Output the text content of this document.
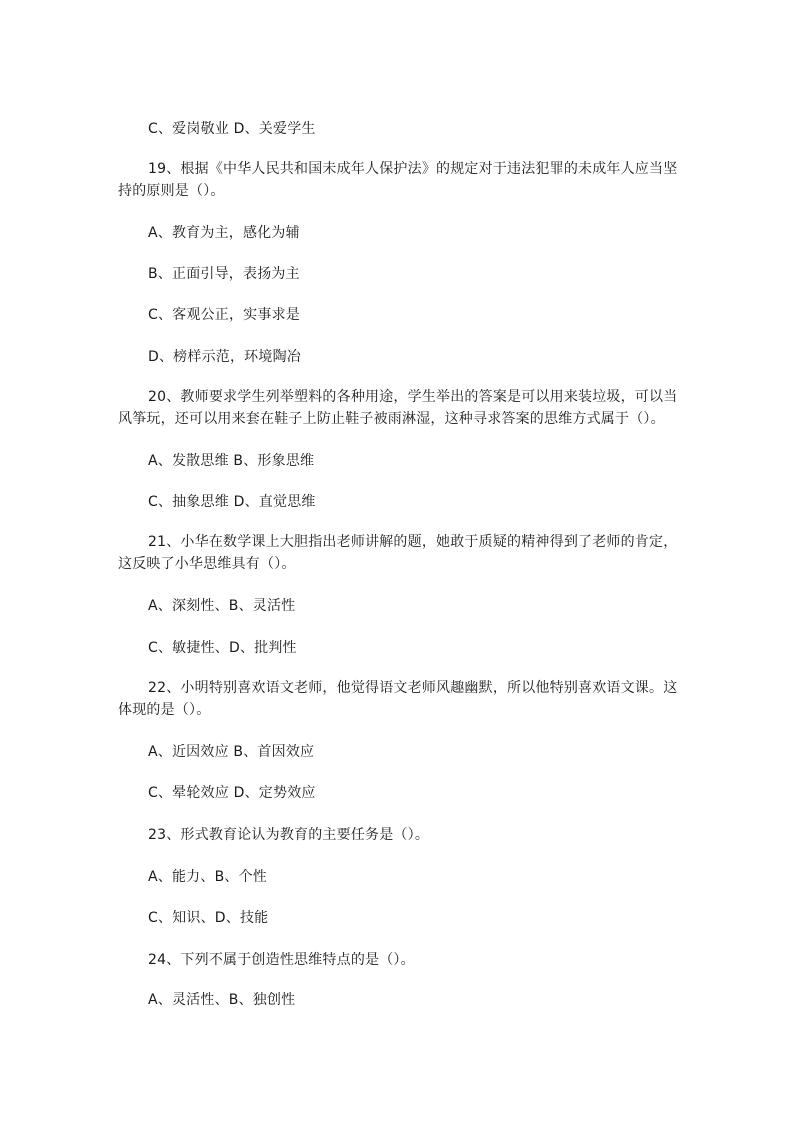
C、爱岗敬业 D、关爱学生
19、根据《中华人民共和国未成年人保护法》的规定对于违法犯罪的未成年人应当坚
持的原则是（）。
A、教育为主，感化为辅
B、正面引导，表扬为主
C、客观公正，实事求是
D、榜样示范，环境陶冶
20、教师要求学生列举塑料的各种用途，学生举出的答案是可以用来装垃圾，可以当
风筝玩，还可以用来套在鞋子上防止鞋子被雨淋湿，这种寻求答案的思维方式属于（）。
A、发散思维 B、形象思维
C、抽象思维 D、直觉思维
21、小华在数学课上大胆指出老师讲解的题，她敢于质疑的精神得到了老师的肯定，
这反映了小华思维具有（）。
A、深刻性、B、灵活性
C、敏捷性、D、批判性
22、小明特别喜欢语文老师，他觉得语文老师风趣幽默，所以他特别喜欢语文课。这
体现的是（）。
A、近因效应 B、首因效应
C、晕轮效应 D、定势效应
23、形式教育论认为教育的主要任务是（）。
A、能力、B、个性
C、知识、D、技能
24、下列不属于创造性思维特点的是（）。
A、灵活性、B、独创性
